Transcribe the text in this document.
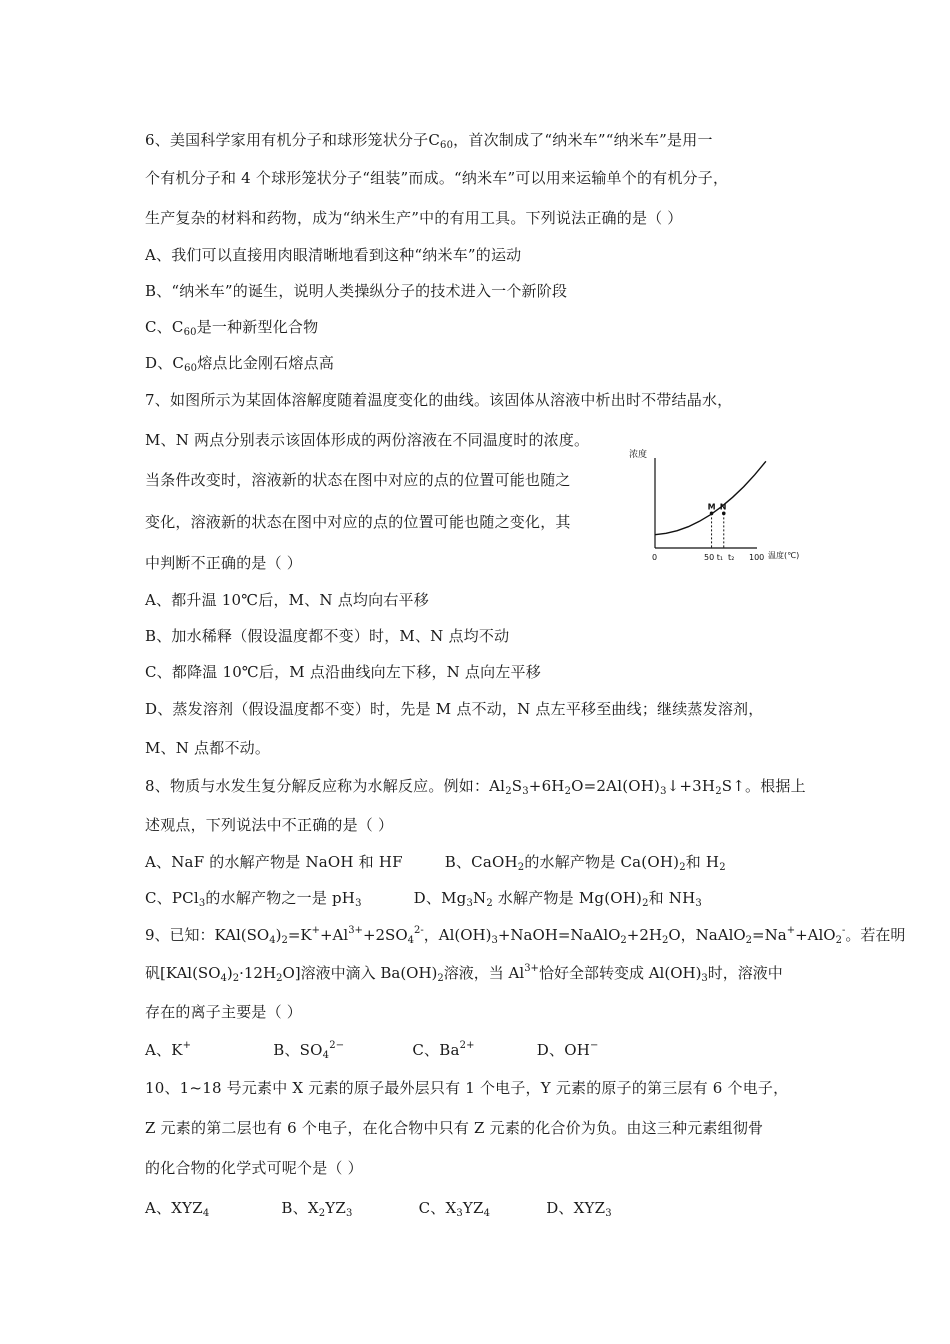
6、美国科学家用有机分子和球形笼状分子$C_{60}$，首次制成了“纳米车”“纳米车”是用一
个有机分子和 4 个球形笼状分子“组装”而成。“纳米车”可以用来运输单个的有机分子，
生产复杂的材料和药物，成为“纳米生产”中的有用工具。下列说法正确的是（ ）
A、我们可以直接用肉眼清晰地看到这种“纳米车”的运动
B、“纳米车”的诞生，说明人类操纵分子的技术进入一个新阶段
C、$C_{60}$是一种新型化合物
D、$C_{60}$熔点比金刚石熔点高
7、如图所示为某固体溶解度随着温度变化的曲线。该固体从溶液中析出时不带结晶水，
M、N 两点分别表示该固体形成的两份溶液在不同温度时的浓度。
当条件改变时，溶液新的状态在图中对应的点的位置可能也随之
变化，溶液新的状态在图中对应的点的位置可能也随之变化，其
中判断不正确的是（ ）
浓度
温度(℃)
M N
0	50 t₁ t₂ 100
A、都升温 10℃后，M、N 点均向右平移
B、加水稀释（假设温度都不变）时，M、N 点均不动
C、都降温 10℃后，M 点沿曲线向左下移，N 点向左平移
D、蒸发溶剂（假设温度都不变）时，先是 M 点不动，N 点左平移至曲线；继续蒸发溶剂，
M、N 点都不动。
8、物质与水发生复分解反应称为水解反应。例如：$Al_2S_3+6H_2O=2Al(OH)_3↓+3H_2S↑$。根据上
述观点，下列说法中不正确的是（ ）
A、NaF 的水解产物是 NaOH 和 HF	B、CaOH$_2$的水解产物是 $Ca(OH)_2$和 $H_2$
C、PCl$_3$的水解产物之一是 $pH_3$	D、$Mg_3N_2$ 水解产物是 $Mg(OH)_2$和 $NH_3$
9、已知：$KAl(SO_4)_2=K^++Al^{3+}+2SO_4^{2-}$，$Al(OH)_3+NaOH=NaAlO_2+2H_2O$，NaAlO$_2$=Na++AlO$_2$-。若在明
矾$[KAl(SO_4)_2\cdot 12H_2O]$溶液中滴入 $Ba(OH)_2$溶液，当 $Al^{3+}$恰好全部转变成 $Al(OH)_3$时，溶液中
存在的离子主要是（ ）
A、K+	B、$SO_4^{2-}$	C、$Ba^{2+}$	D、OH−
10、1~18 号元素中 X 元素的原子最外层只有 1 个电子，Y 元素的原子的第三层有 6 个电子，
Z 元素的第二层也有 6 个电子，在化合物中只有 Z 元素的化合价为负。由这三种元素组彻骨
的化合物的化学式可呢个是（ ）
A、$XYZ_4$	B、$X_2YZ_3$	C、$X_3YZ_4$	D、$XYZ_3$
